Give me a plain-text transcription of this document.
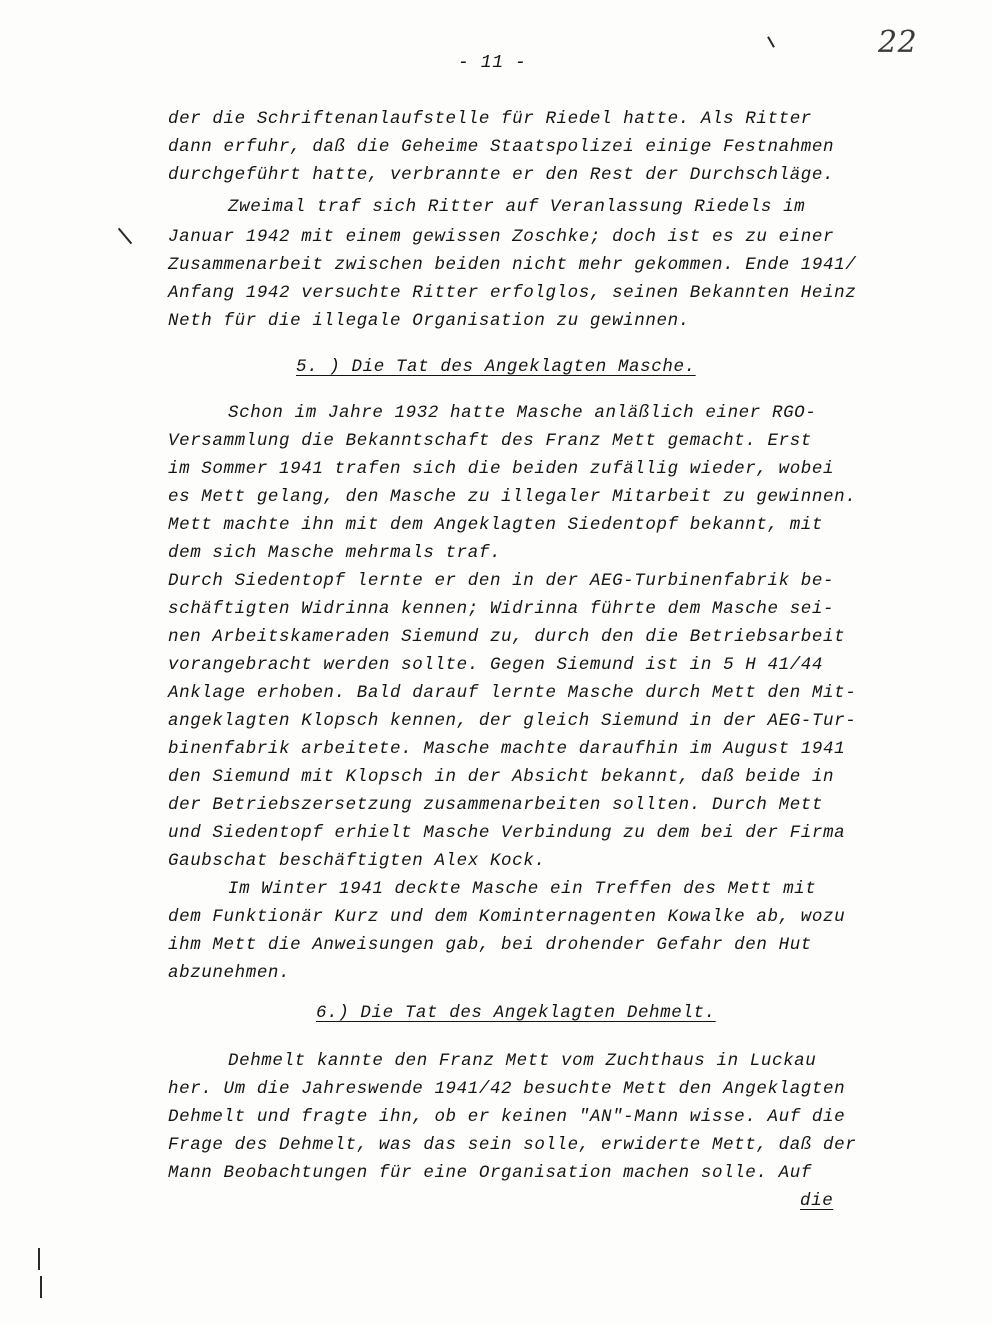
- 11 -
22
der die Schriftenanlaufstelle für Riedel hatte. Als Ritter
dann erfuhr, daß die Geheime Staatspolizei einige Festnahmen
durchgeführt hatte, verbrannte er den Rest der Durchschläge.
Zweimal traf sich Ritter auf Veranlassung Riedels im
Januar 1942 mit einem gewissen Zoschke; doch ist es zu einer
Zusammenarbeit zwischen beiden nicht mehr gekommen. Ende 1941/
Anfang 1942 versuchte Ritter erfolglos, seinen Bekannten Heinz
Neth für die illegale Organisation zu gewinnen.
5. ) Die Tat des Angeklagten Masche.
Schon im Jahre 1932 hatte Masche anläßlich einer RGO-
Versammlung die Bekanntschaft des Franz Mett gemacht. Erst
im Sommer 1941 trafen sich die beiden zufällig wieder, wobei
es Mett gelang, den Masche zu illegaler Mitarbeit zu gewinnen.
Mett machte ihn mit dem Angeklagten Siedentopf bekannt, mit
dem sich Masche mehrmals traf.
Durch Siedentopf lernte er den in der AEG-Turbinenfabrik be-
schäftigten Widrinna kennen; Widrinna führte dem Masche sei-
nen Arbeitskameraden Siemund zu, durch den die Betriebsarbeit
vorangebracht werden sollte. Gegen Siemund ist in 5 H 41/44
Anklage erhoben. Bald darauf lernte Masche durch Mett den Mit-
angeklagten Klopsch kennen, der gleich Siemund in der AEG-Tur-
binenfabrik arbeitete. Masche machte daraufhin im August 1941
den Siemund mit Klopsch in der Absicht bekannt, daß beide in
der Betriebszersetzung zusammenarbeiten sollten. Durch Mett
und Siedentopf erhielt Masche Verbindung zu dem bei der Firma
Gaubschat beschäftigten Alex Kock.
Im Winter 1941 deckte Masche ein Treffen des Mett mit
dem Funktionär Kurz und dem Kominternagenten Kowalke ab, wozu
ihm Mett die Anweisungen gab, bei drohender Gefahr den Hut
abzunehmen.
6.) Die Tat des Angeklagten Dehmelt.
Dehmelt kannte den Franz Mett vom Zuchthaus in Luckau
her. Um die Jahreswende 1941/42 besuchte Mett den Angeklagten
Dehmelt und fragte ihn, ob er keinen "AN"-Mann wisse. Auf die
Frage des Dehmelt, was das sein solle, erwiderte Mett, daß der
Mann Beobachtungen für eine Organisation machen solle. Auf
die
